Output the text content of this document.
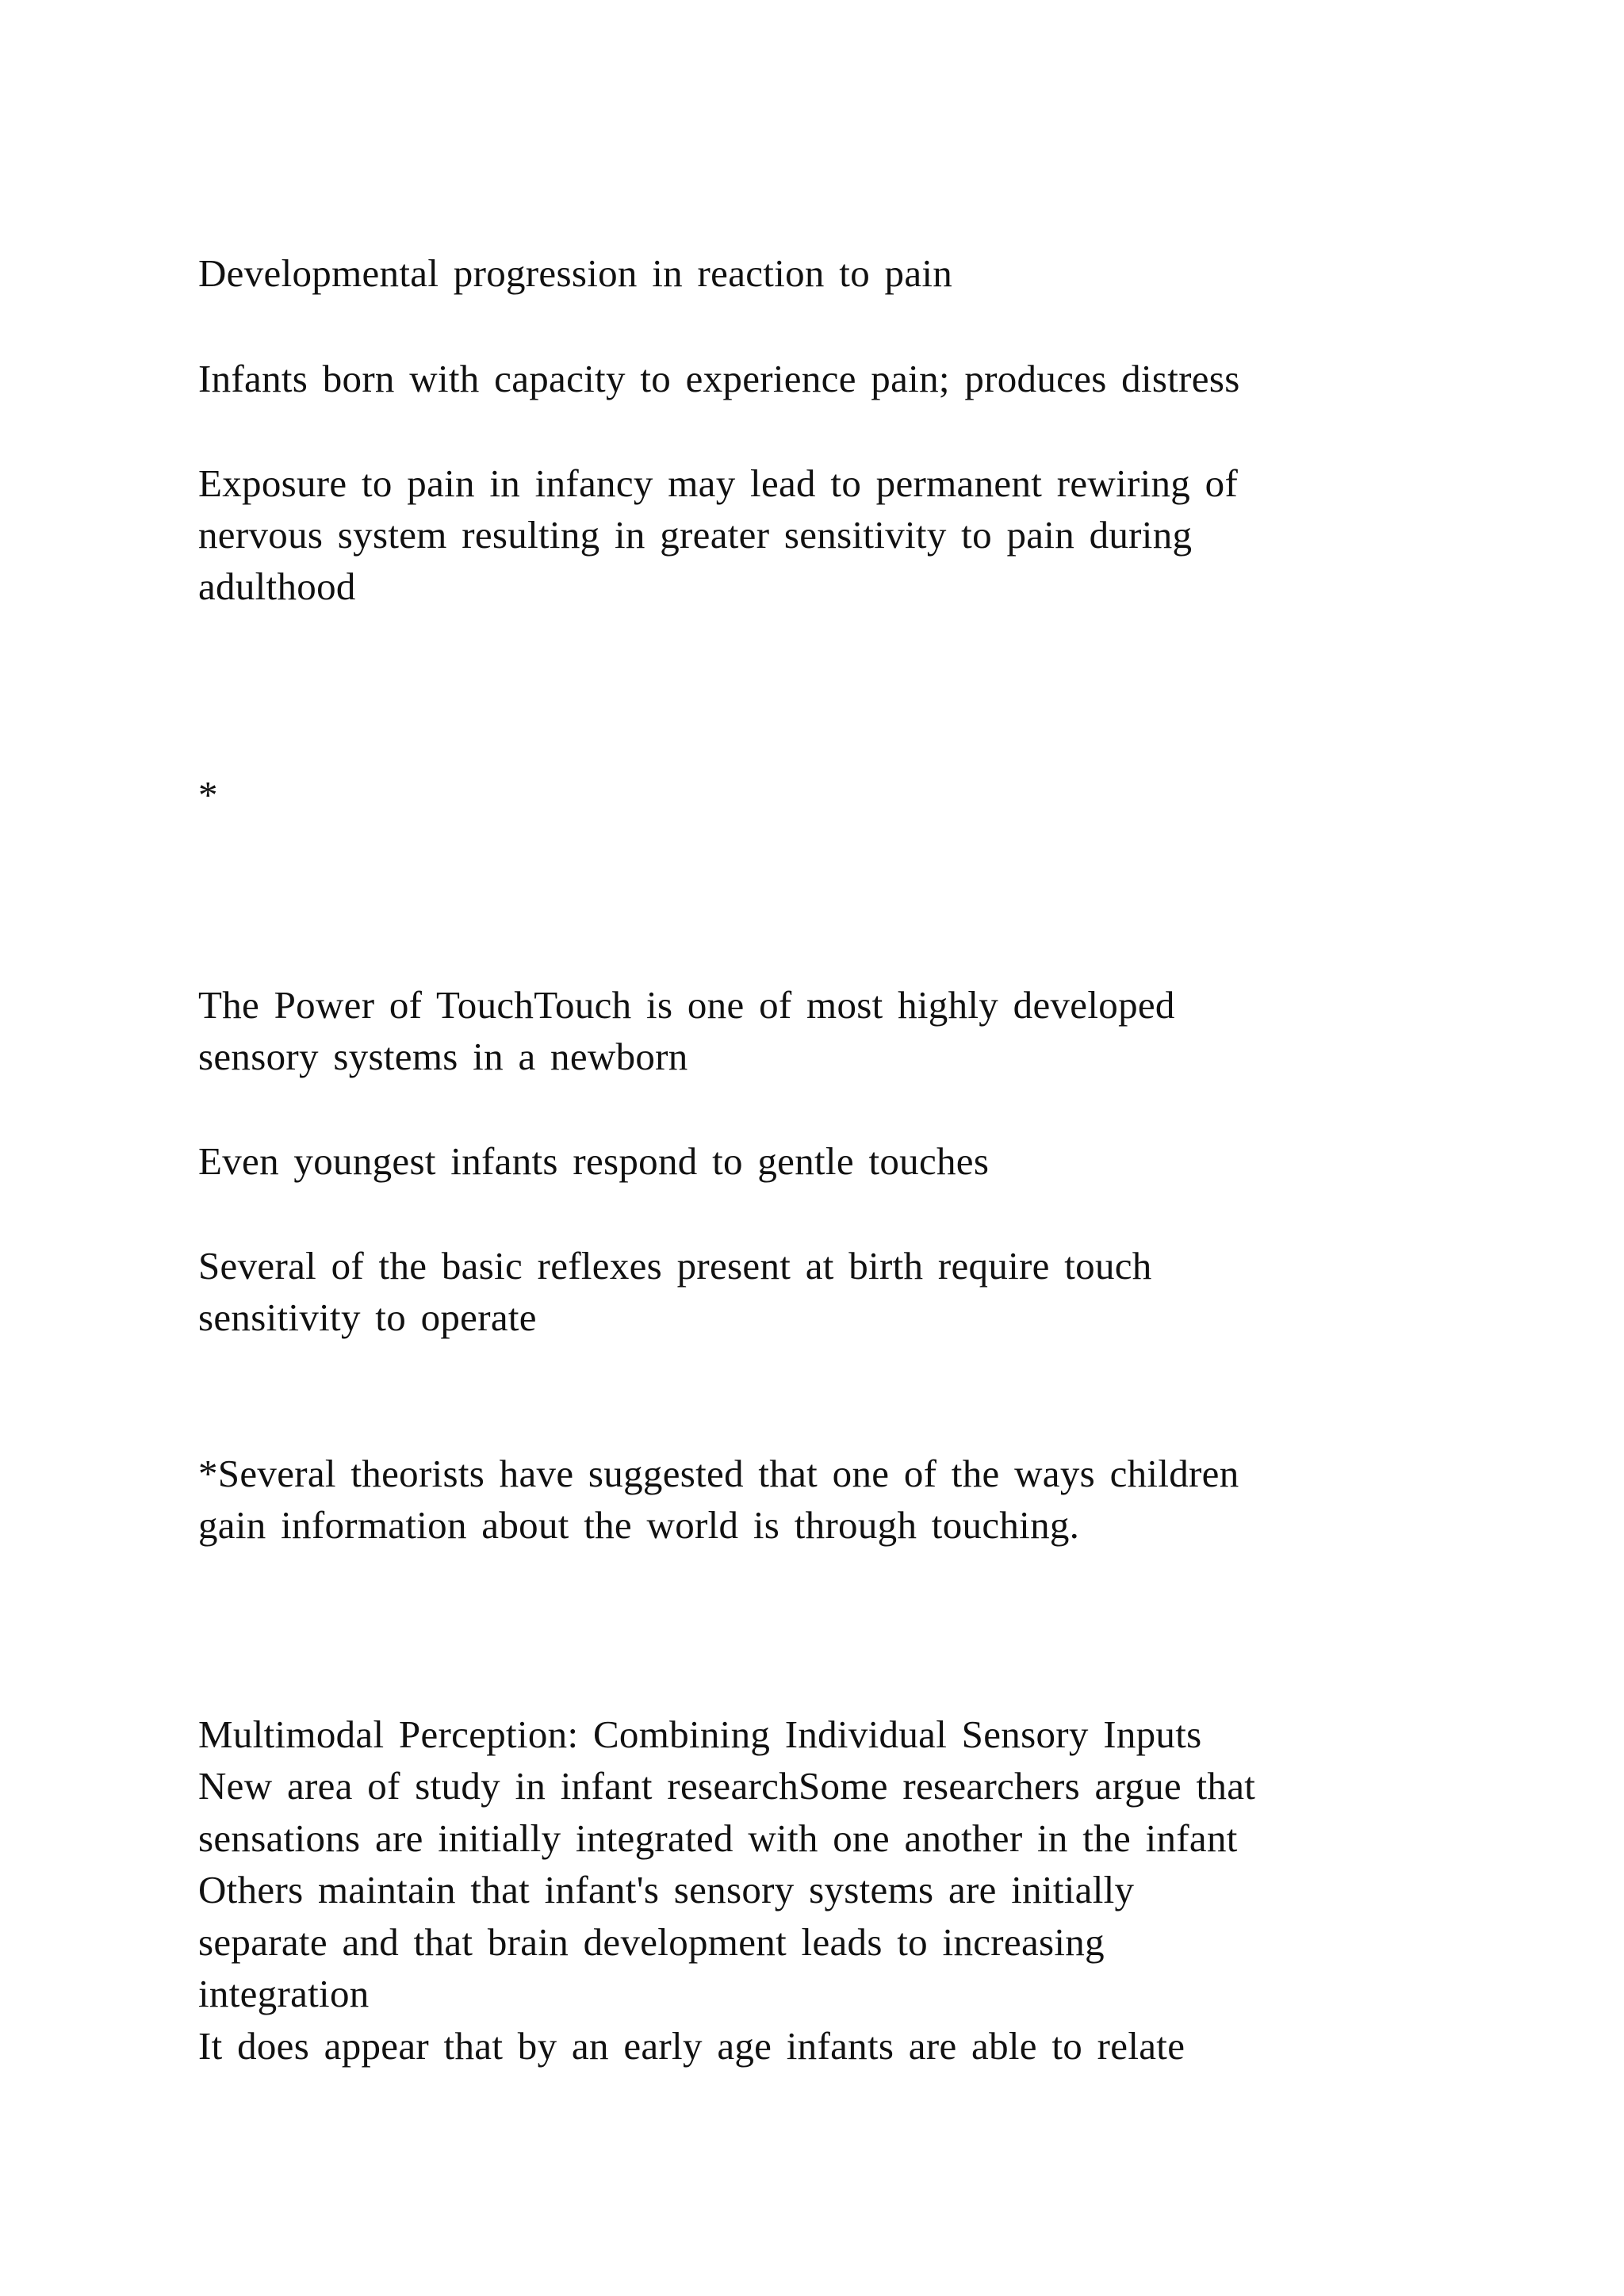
Developmental progression in reaction to pain
Infants born with capacity to experience pain; produces distress
Exposure to pain in infancy may lead to permanent rewiring of
nervous system resulting in greater sensitivity to pain during
adulthood
*
The Power of TouchTouch is one of most highly developed
sensory systems in a newborn
Even youngest infants respond to gentle touches
Several of the basic reflexes present at birth require touch
sensitivity to operate
*Several theorists have suggested that one of the ways children
gain information about the world is through touching.
Multimodal Perception: Combining Individual Sensory Inputs
New area of study in infant researchSome researchers argue that
sensations are initially integrated with one another in the infant
Others maintain that infant's sensory systems are initially
separate and that brain development leads to increasing
integration
It does appear that by an early age infants are able to relate
